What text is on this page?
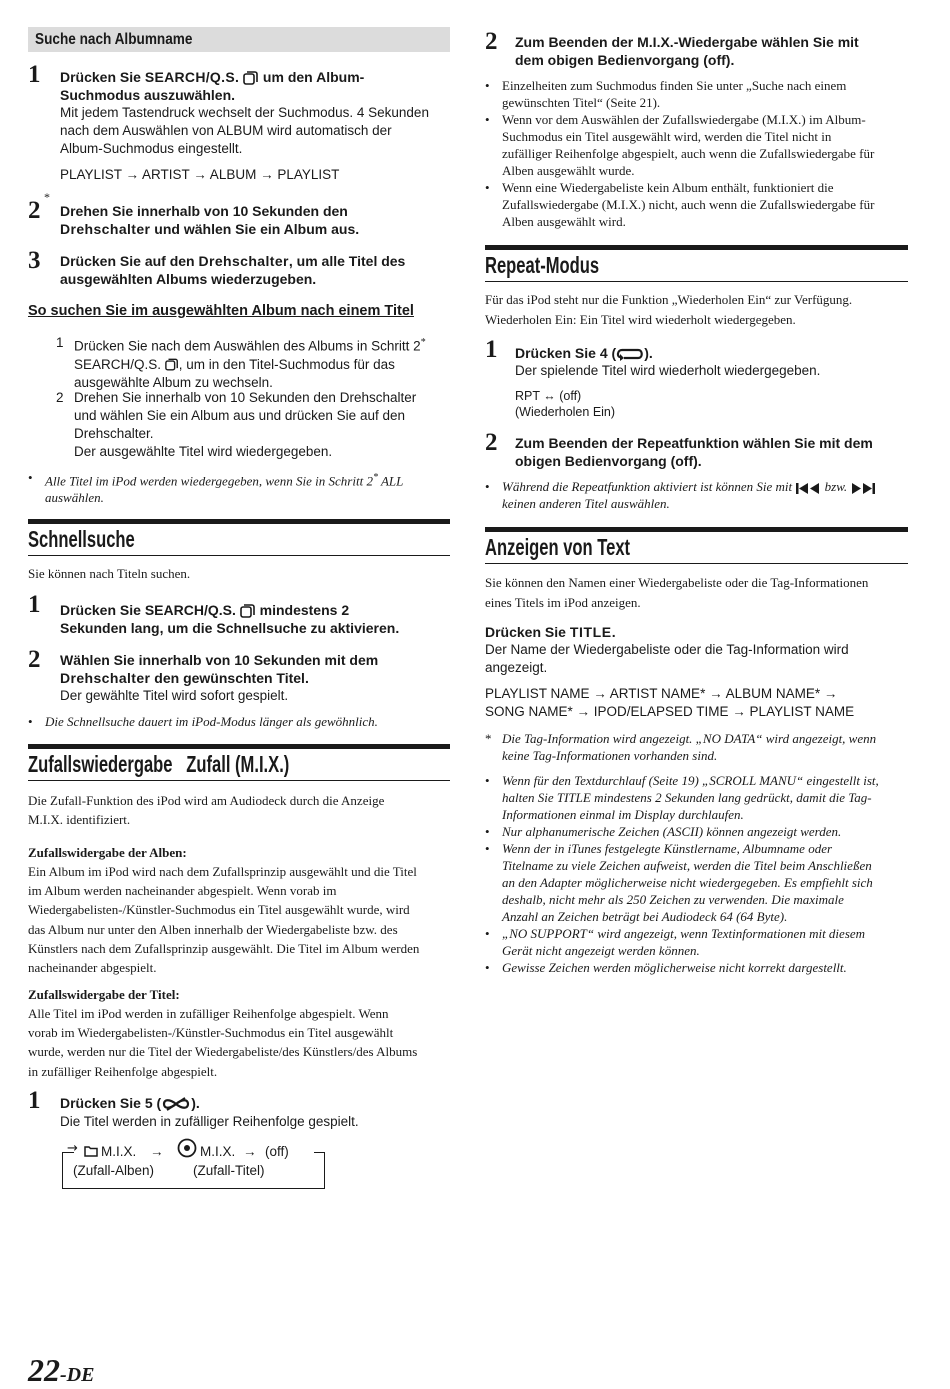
Suche nach Albumname
1 Drücken Sie SEARCH/Q.S.  um den Album-
Suchmodus auszuwählen.
Mit jedem Tastendruck wechselt der Suchmodus. 4 Sekunden
nach dem Auswählen von ALBUM wird automatisch der
Album-Suchmodus eingestellt.
PLAYLIST → ARTIST → ALBUM → PLAYLIST
2 *
Drehen Sie innerhalb von 10 Sekunden den
Drehschalter und wählen Sie ein Album aus.
3 Drücken Sie auf den Drehschalter, um alle Titel des
ausgewählten Albums wiederzugeben.
So suchen Sie im ausgewählten Album nach einem Titel
1 Drücken Sie nach dem Auswählen des Albums in Schritt 2*
SEARCH/Q.S. , um in den Titel-Suchmodus für das
ausgewählte Album zu wechseln.
2 Drehen Sie innerhalb von 10 Sekunden den Drehschalter
und wählen Sie ein Album aus und drücken Sie auf den
Drehschalter.
Der ausgewählte Titel wird wiedergegeben.
• Alle Titel im iPod werden wiedergegeben, wenn Sie in Schritt 2* ALL
auswählen.
Schnellsuche
Sie können nach Titeln suchen.
1 Drücken Sie SEARCH/Q.S.  mindestens 2
Sekunden lang, um die Schnellsuche zu aktivieren.
2 Wählen Sie innerhalb von 10 Sekunden mit dem
Drehschalter den gewünschten Titel.
Der gewählte Titel wird sofort gespielt.
• Die Schnellsuche dauert im iPod-Modus länger als gewöhnlich.
Zufallswiedergabe   Zufall (M.I.X.)
Die Zufall-Funktion des iPod wird am Audiodeck durch die Anzeige
M.I.X. identifiziert.
Zufallswidergabe der Alben:
Ein Album im iPod wird nach dem Zufallsprinzip ausgewählt und die Titel
im Album werden nacheinander abgespielt. Wenn vorab im
Wiedergabelisten-/Künstler-Suchmodus ein Titel ausgewählt wurde, wird
das Album nur unter den Alben innerhalb der Wiedergabeliste bzw. des
Künstlers nach dem Zufallsprinzip ausgewählt. Die Titel im Album werden
nacheinander abgespielt.
Zufallswidergabe der Titel:
Alle Titel im iPod werden in zufälliger Reihenfolge abgespielt. Wenn
vorab im Wiedergabelisten-/Künstler-Suchmodus ein Titel ausgewählt
wurde, werden nur die Titel der Wiedergabeliste/des Künstlers/des Albums
in zufälliger Reihenfolge abgespielt.
1 Drücken Sie 5 ( ).
Die Titel werden in zufälliger Reihenfolge gespielt.
→ M.I.X. →	M.I.X. → (off)
(Zufall-Alben)	(Zufall-Titel)
2 Zum Beenden der M.I.X.-Wiedergabe wählen Sie mit
dem obigen Bedienvorgang (off).
• Einzelheiten zum Suchmodus finden Sie unter „Suche nach einem
gewünschten Titel“ (Seite 21).
• Wenn vor dem Auswählen der Zufallswiedergabe (M.I.X.) im Album-
Suchmodus ein Titel ausgewählt wird, werden die Titel nicht in
zufälliger Reihenfolge abgespielt, auch wenn die Zufallswiedergabe für
Alben ausgewählt wurde.
• Wenn eine Wiedergabeliste kein Album enthält, funktioniert die
Zufallswiedergabe (M.I.X.) nicht, auch wenn die Zufallswiedergabe für
Alben ausgewählt wird.
Repeat-Modus
Für das iPod steht nur die Funktion „Wiederholen Ein“ zur Verfügung.
Wiederholen Ein: Ein Titel wird wiederholt wiedergegeben.
1 Drücken Sie 4 ( ).
Der spielende Titel wird wiederholt wiedergegeben.
RPT ↔ (off)
(Wiederholen Ein)
2 Zum Beenden der Repeatfunktion wählen Sie mit dem
obigen Bedienvorgang (off).
• Während die Repeatfunktion aktiviert ist können Sie mit  bzw.
keinen anderen Titel auswählen.
Anzeigen von Text
Sie können den Namen einer Wiedergabeliste oder die Tag-Informationen
eines Titels im iPod anzeigen.
Drücken Sie TITLE.
Der Name der Wiedergabeliste oder die Tag-Information wird
angezeigt.
PLAYLIST NAME → ARTIST NAME* → ALBUM NAME* →
SONG NAME* → IPOD/ELAPSED TIME → PLAYLIST NAME
* Die Tag-Information wird angezeigt. „NO DATA“ wird angezeigt, wenn
keine Tag-Informationen vorhanden sind.
• Wenn für den Textdurchlauf (Seite 19) „SCROLL MANU“ eingestellt ist,
halten Sie TITLE mindestens 2 Sekunden lang gedrückt, damit die Tag-
Informationen einmal im Display durchlaufen.
• Nur alphanumerische Zeichen (ASCII) können angezeigt werden.
• Wenn der in iTunes festgelegte Künstlername, Albumname oder
Titelname zu viele Zeichen aufweist, werden die Titel beim Anschließen
an den Adapter möglicherweise nicht wiedergegeben. Es empfiehlt sich
deshalb, nicht mehr als 250 Zeichen zu verwenden. Die maximale
Anzahl an Zeichen beträgt bei Audiodeck 64 (64 Byte).
• „NO SUPPORT“ wird angezeigt, wenn Textinformationen mit diesem
Gerät nicht angezeigt werden können.
• Gewisse Zeichen werden möglicherweise nicht korrekt dargestellt.
22-DE
